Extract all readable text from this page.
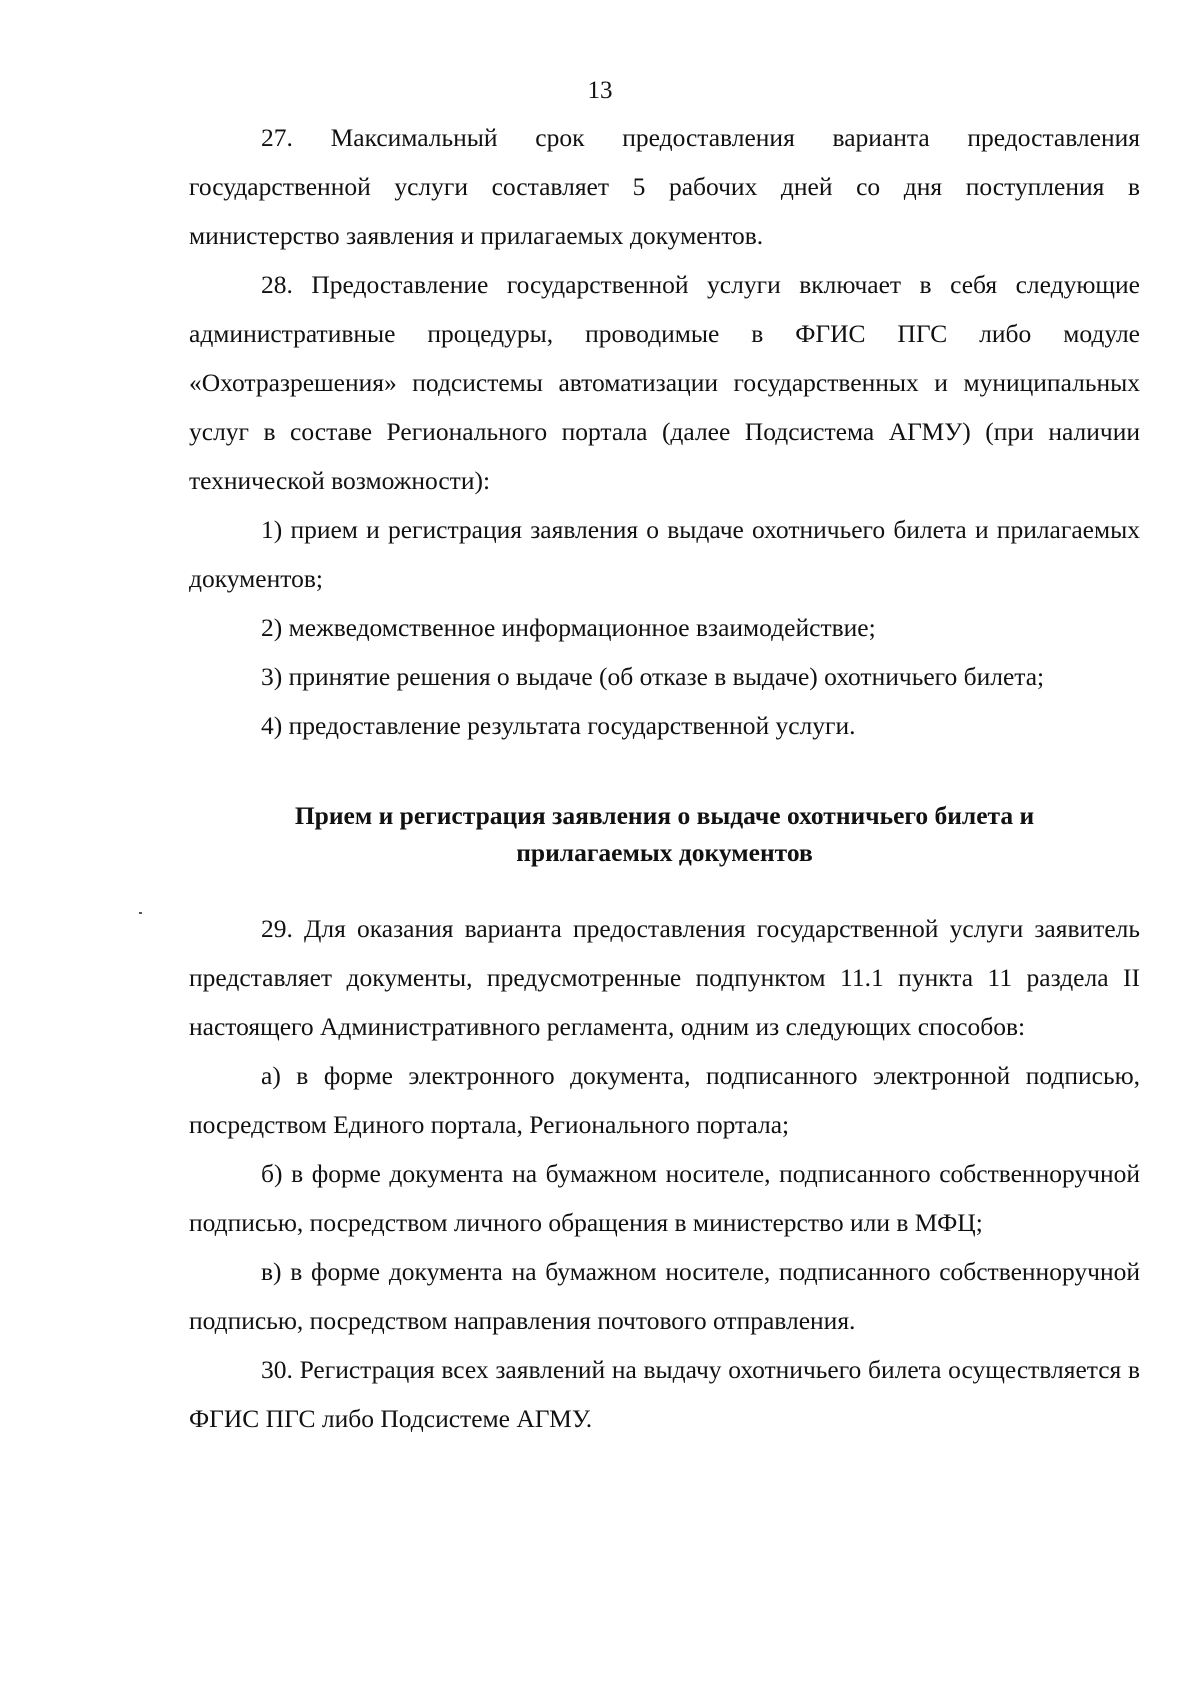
13

27. Максимальный срок предоставления варианта предоставления государственной услуги составляет 5 рабочих дней со дня поступления в министерство заявления и прилагаемых документов.

28. Предоставление государственной услуги включает в себя следующие административные процедуры, проводимые в ФГИС ПГС либо модуле «Охотразрешения» подсистемы автоматизации государственных и муниципальных услуг в составе Регионального портала (далее Подсистема АГМУ) (при наличии технической возможности):

1) прием и регистрация заявления о выдаче охотничьего билета и прилагаемых документов;

2) межведомственное информационное взаимодействие;

3) принятие решения о выдаче (об отказе в выдаче) охотничьего билета;

4) предоставление результата государственной услуги.

Прием и регистрация заявления о выдаче охотничьего билета и
прилагаемых документов

29. Для оказания варианта предоставления государственной услуги заявитель представляет документы, предусмотренные подпунктом 11.1 пункта 11 раздела II настоящего Административного регламента, одним из следующих способов:

а) в форме электронного документа, подписанного электронной подписью, посредством Единого портала, Регионального портала;

б) в форме документа на бумажном носителе, подписанного собственноручной подписью, посредством личного обращения в министерство или в МФЦ;

в) в форме документа на бумажном носителе, подписанного собственноручной подписью, посредством направления почтового отправления.

30. Регистрация всех заявлений на выдачу охотничьего билета осуществляется в ФГИС ПГС либо Подсистеме АГМУ.
